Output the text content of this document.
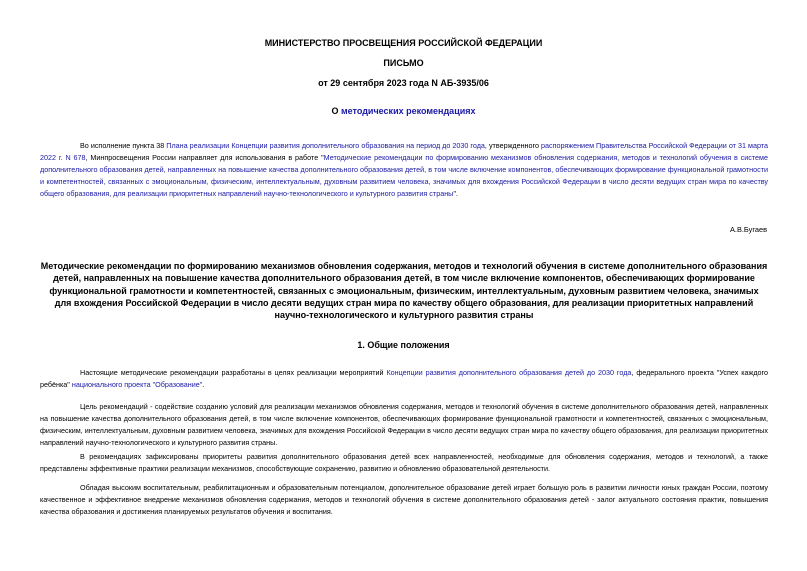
МИНИСТЕРСТВО ПРОСВЕЩЕНИЯ РОССИЙСКОЙ ФЕДЕРАЦИИ
ПИСЬМО
от 29 сентября 2023 года N АБ-3935/06
О методических рекомендациях
Во исполнение пункта 38 Плана реализации Концепции развития дополнительного образования на период до 2030 года, утвержденного распоряжением Правительства Российской Федерации от 31 марта 2022 г. N 678, Минпросвещения России направляет для использования в работе "Методические рекомендации по формированию механизмов обновления содержания, методов и технологий обучения в системе дополнительного образования детей, направленных на повышение качества дополнительного образования детей, в том числе включение компонентов, обеспечивающих формирование функциональной грамотности и компетентностей, связанных с эмоциональным, физическим, интеллектуальным, духовным развитием человека, значимых для вхождения Российской Федерации в число десяти ведущих стран мира по качеству общего образования, для реализации приоритетных направлений научно-технологического и культурного развития страны".
А.В.Бугаев
Методические рекомендации по формированию механизмов обновления содержания, методов и технологий обучения в системе дополнительного образования детей, направленных на повышение качества дополнительного образования детей, в том числе включение компонентов, обеспечивающих формирование функциональной грамотности и компетентностей, связанных с эмоциональным, физическим, интеллектуальным, духовным развитием человека, значимых для вхождения Российской Федерации в число десяти ведущих стран мира по качеству общего образования, для реализации приоритетных направлений научно-технологического и культурного развития страны
1. Общие положения
Настоящие методические рекомендации разработаны в целях реализации мероприятий Концепции развития дополнительного образования детей до 2030 года, федерального проекта "Успех каждого ребёнка" национального проекта "Образование".
Цель рекомендаций - содействие созданию условий для реализации механизмов обновления содержания, методов и технологий обучения в системе дополнительного образования детей, направленных на повышение качества дополнительного образования детей, в том числе включение компонентов, обеспечивающих формирование функциональной грамотности и компетентностей, связанных с эмоциональным, физическим, интеллектуальным, духовным развитием человека, значимых для вхождения Российской Федерации в число десяти ведущих стран мира по качеству общего образования, для реализации приоритетных направлений научно-технологического и культурного развития страны.
В рекомендациях зафиксированы приоритеты развития дополнительного образования детей всех направленностей, необходимые для обновления содержания, методов и технологий, а также представлены эффективные практики реализации механизмов, способствующие сохранению, развитию и обновлению образовательной деятельности.
Обладая высоким воспитательным, реабилитационным и образовательным потенциалом, дополнительное образование детей играет большую роль в развитии личности юных граждан России, поэтому качественное и эффективное внедрение механизмов обновления содержания, методов и технологий обучения в системе дополнительного образования детей - залог актуального состояния практик, повышения качества образования и достижения планируемых результатов обучения и воспитания.
